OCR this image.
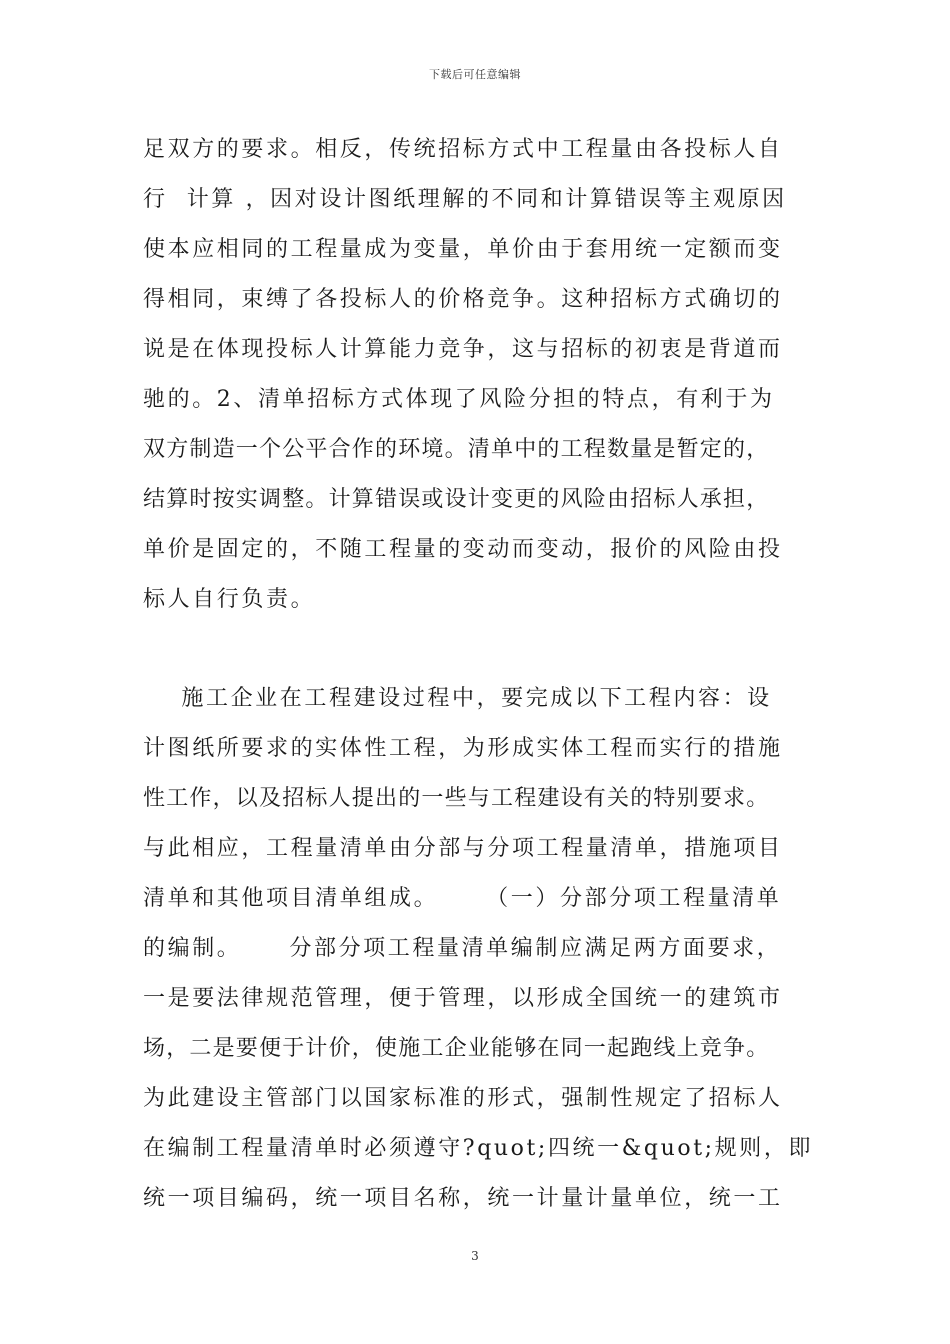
下载后可任意编辑

足双方的要求。相反，传统招标方式中工程量由各投标人自

行  计算 ，因对设计图纸理解的不同和计算错误等主观原因

使本应相同的工程量成为变量，单价由于套用统一定额而变

得相同，束缚了各投标人的价格竞争。这种招标方式确切的

说是在体现投标人计算能力竞争，这与招标的初衷是背道而

驰的。2、清单招标方式体现了风险分担的特点，有利于为

双方制造一个公平合作的环境。清单中的工程数量是暂定的，

结算时按实调整。计算错误或设计变更的风险由招标人承担，

单价是固定的，不随工程量的变动而变动，报价的风险由投

标人自行负责。

施工企业在工程建设过程中，要完成以下工程内容：设

计图纸所要求的实体性工程，为形成实体工程而实行的措施

性工作，以及招标人提出的一些与工程建设有关的特别要求。

与此相应，工程量清单由分部与分项工程量清单，措施项目

清单和其他项目清单组成。     （一）分部分项工程量清单

的编制。     分部分项工程量清单编制应满足两方面要求，

一是要法律规范管理，便于管理，以形成全国统一的建筑市

场，二是要便于计价，使施工企业能够在同一起跑线上竞争。

为此建设主管部门以国家标准的形式，强制性规定了招标人

在编制工程量清单时必须遵守?quot;四统一&quot;规则，即

统一项目编码，统一项目名称，统一计量计量单位，统一工

3
